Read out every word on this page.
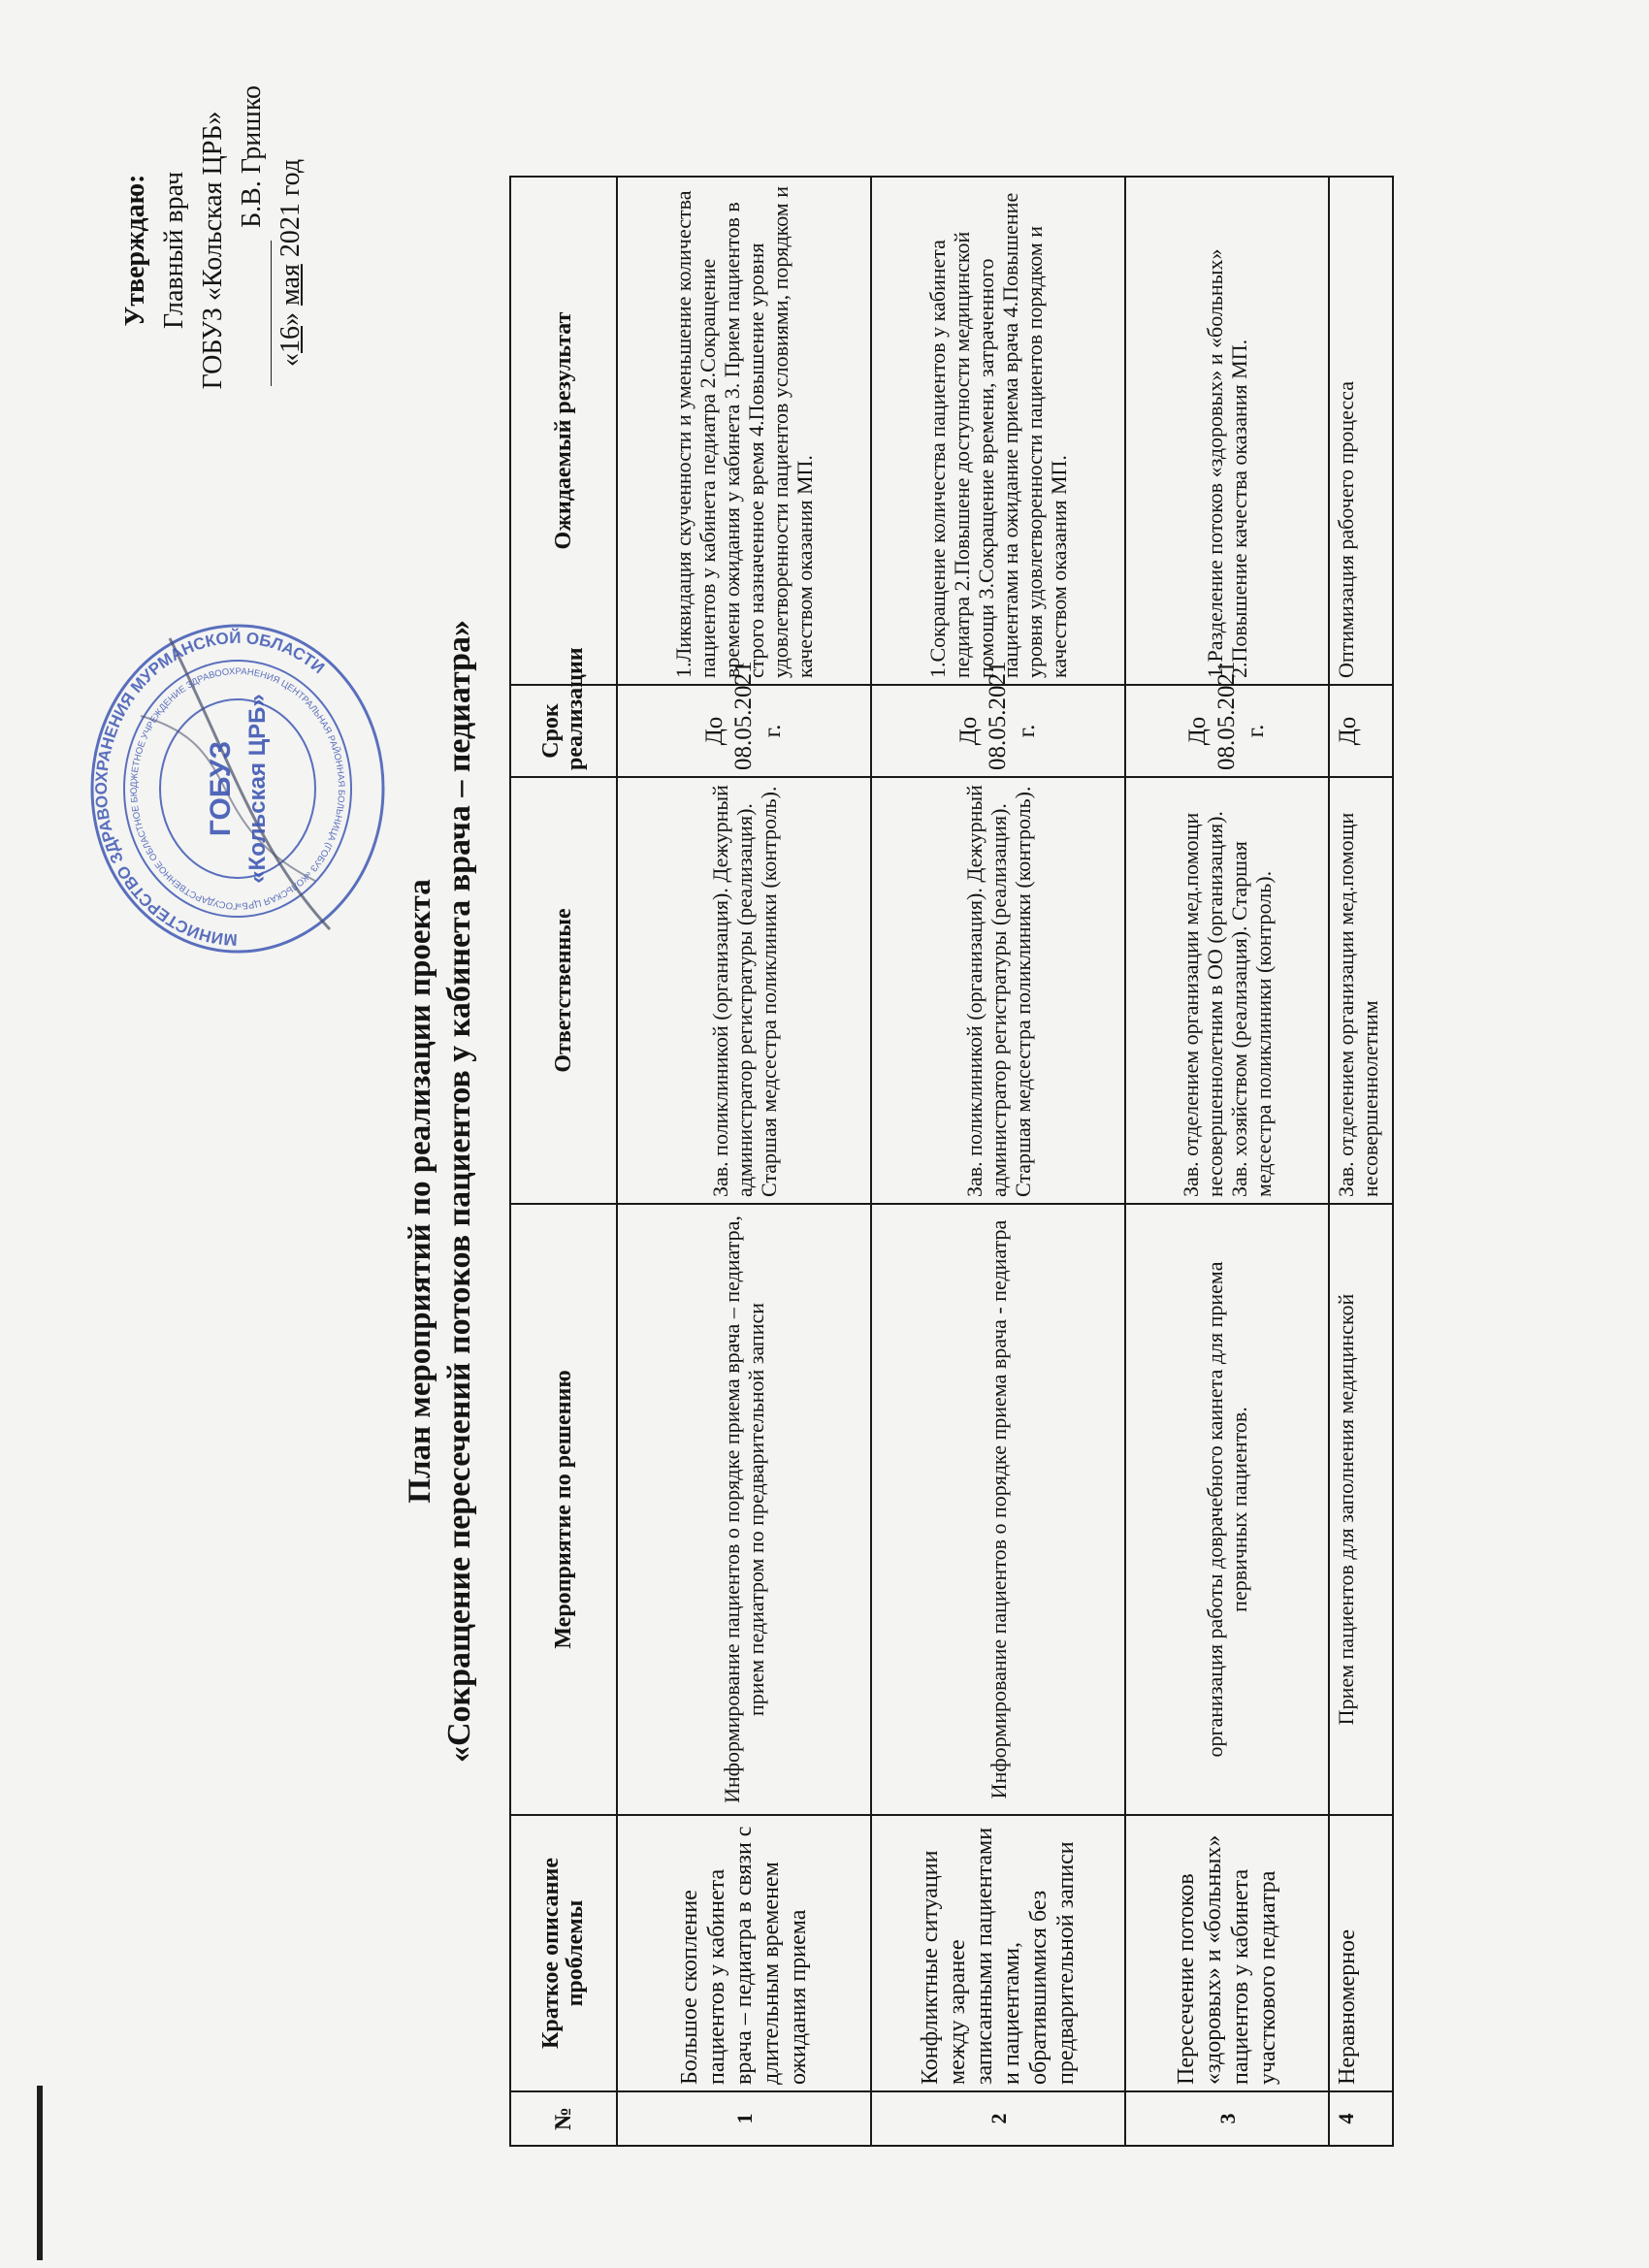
Утверждаю: Главный врач ГОБУЗ «Кольская ЦРБ» Б.В. Гришко
«16» мая 2021 год
МИНИСТЕРСТВО ЗДРАВООХРАНЕНИЯ МУРМАНСКОЙ ОБЛАСТИ
ГОСУДАРСТВЕННОЕ ОБЛАСТНОЕ БЮДЖЕТНОЕ УЧРЕЖДЕНИЕ ЗДРАВООХРАНЕНИЯ ЦЕНТРАЛЬНАЯ РАЙОННАЯ БОЛЬНИЦА (ГОБУЗ «КОЛЬСКАЯ ЦРБ»
ГОБУЗ «Кольская ЦРБ»
План мероприятий по реализации проекта «Сокращение пересечений потоков пациентов у кабинета врача – педиатра»
№	Краткое описание проблемы	Мероприятие по решению	Ответственные	Срок реализации	Ожидаемый результат
1	Большое скопление пациентов у кабинета врача – педиатра в связи с длительным временем ожидания приема	Информирование пациентов о порядке приема врача – педиатра, прием педиатром по предварительной записи	Зав. поликлиникой (организация). Дежурный администратор регистратуры (реализация). Старшая медсестра поликлиники (контроль).	До 08.05.2021 г.	1.Ликвидация скученности и уменьшение количества пациентов у кабинета педиатра 2.Сокращение времени ожидания у кабинета 3. Прием пациентов в строго назначенное время 4.Повышение уровня удовлетворенности пациентов условиями, порядком и качеством оказания МП.
2	Конфликтные ситуации между заранее записанными пациентами и пациентами, обратившимися без предварительной записи	Информирование пациентов о порядке приема врача - педиатра	Зав. поликлиникой (организация). Дежурный администратор регистратуры (реализация). Старшая медсестра поликлиники (контроль).	До 08.05.2021 г.	1.Сокращение количества пациентов у кабинета педиатра 2.Повышене доступности медицинской помощи 3.Сокращение времени, затраченного пациентами на ожидание приема врача 4.Повышение уровня удовлетворенности пациентов порядком и качеством оказания МП.
3	Пересечение потоков «здоровых» и «больных» пациентов у кабинета участкового педиатра	организация работы доврачебного каинета для приема первичных пациентов.	Зав. отделением организации мед.помощи несовершеннолетним в ОО (организация). Зав. хозяйством (реализация). Старшая медсестра поликлиники (контроль).	До 08.05.2021 г.	1.Разделение потоков «здоровых» и «больных» 2.Повышение качества оказания МП.
4	Неравномерное	Прием пациентов для заполнения медицинской	Зав. отделением организации мед.помощи несовершеннолетним	До	Оптимизация рабочего процесса
